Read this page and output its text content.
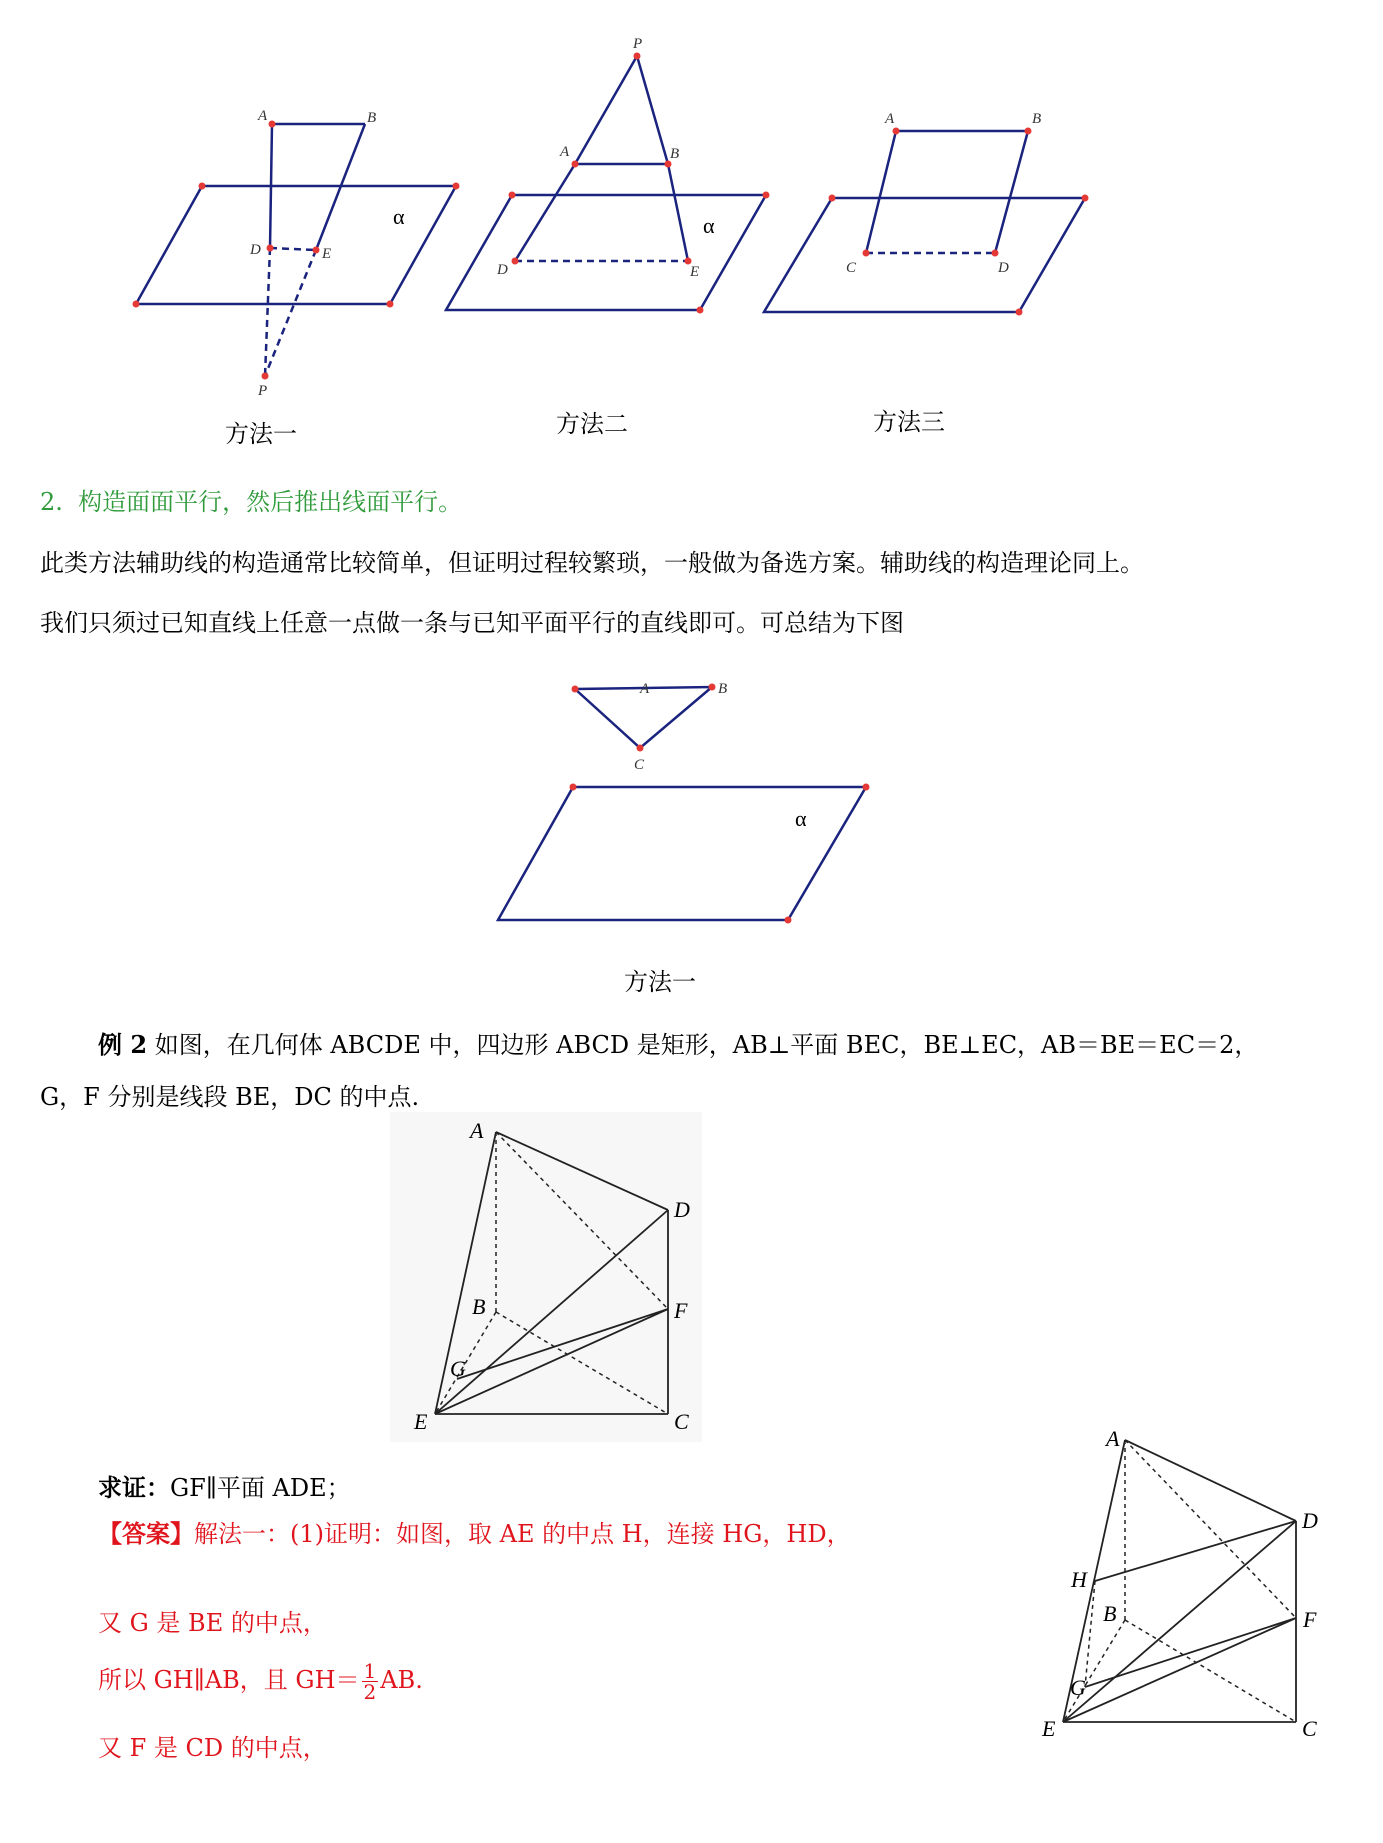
A	B
D	E
P
α
P
A	B
D	E
α
A	B
C	D
方法一	方法二	方法三
2. 构造面面平行，然后推出线面平行。
此类方法辅助线的构造通常比较简单，但证明过程较繁琐，一般做为备选方案。辅助线的构造理论同上。
我们只须过已知直线上任意一点做一条与已知平面平行的直线即可。可总结为下图
A	B
C
α
方法一
例 2 如图，在几何体 ABCDE 中，四边形 ABCD 是矩形，AB⊥平面 BEC，BE⊥EC，AB＝BE＝EC＝2，
G，F 分别是线段 BE，DC 的中点.
A
D
B	F
G
E	C
求证：GF∥平面 ADE；
【答案】解法一：(1)证明：如图，取 AE 的中点 H，连接 HG，HD，
又 G 是 BE 的中点，
所以 GH∥AB，且 $GH= \frac{1}{2}$ AB.
又 F 是 CD 的中点，
A
D
H
B	F
G
E	C
